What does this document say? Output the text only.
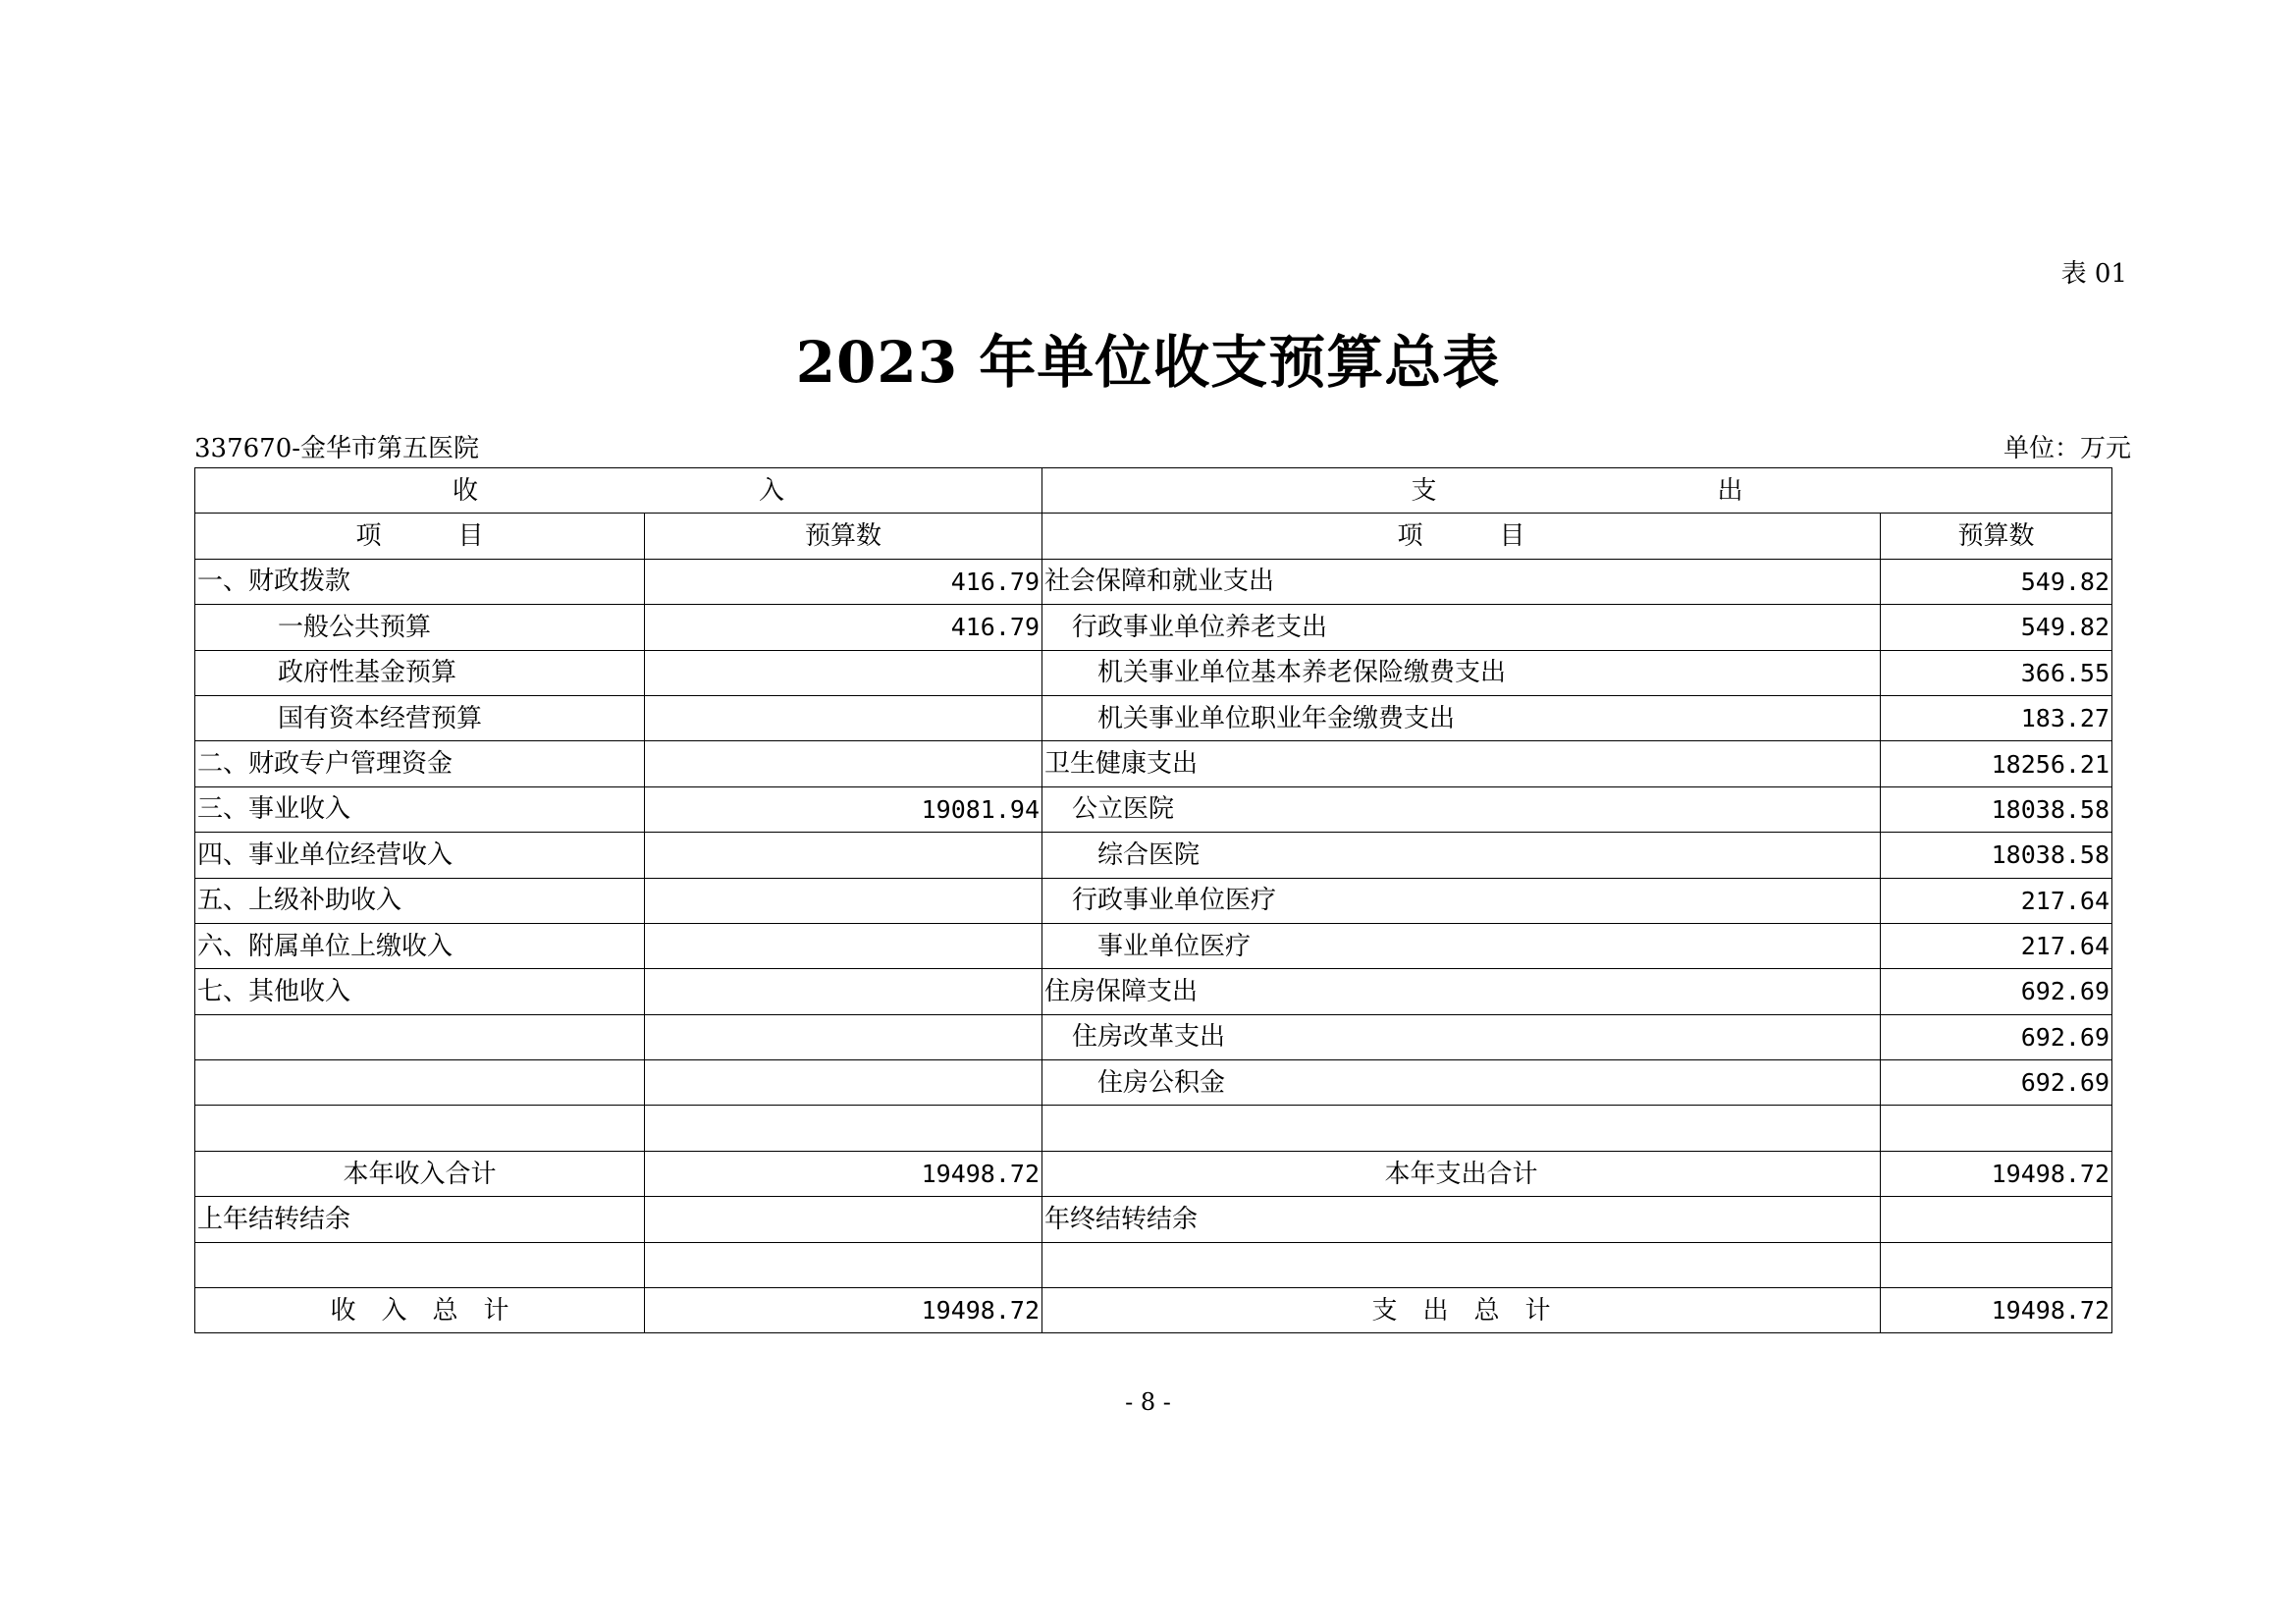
表 01
2023 年单位收支预算总表
337670-金华市第五医院	单位：万元
收　　　　　　　　　　　入		支　　　　　　　　　　　出	
项　　　目	预算数	项　　　目	预算数
一、财政拨款	416.79	社会保障和就业支出	549.82
一般公共预算	416.79	行政事业单位养老支出	549.82
政府性基金预算		机关事业单位基本养老保险缴费支出	366.55
国有资本经营预算		机关事业单位职业年金缴费支出	183.27
二、财政专户管理资金		卫生健康支出	18256.21
三、事业收入	19081.94	公立医院	18038.58
四、事业单位经营收入		综合医院	18038.58
五、上级补助收入		行政事业单位医疗	217.64
六、附属单位上缴收入		事业单位医疗	217.64
七、其他收入		住房保障支出	692.69
		住房改革支出	692.69
		住房公积金	692.69

本年收入合计	19498.72	本年支出合计	19498.72
上年结转结余		年终结转结余	

收　入　总　计	19498.72	支　出　总　计	19498.72
- 8 -
